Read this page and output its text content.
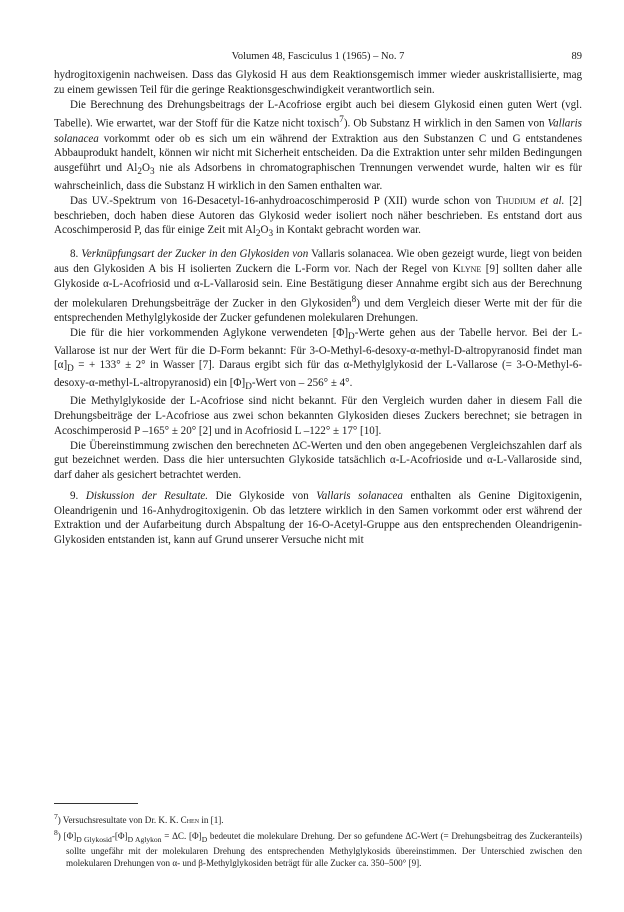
Volumen 48, Fasciculus 1 (1965) – No. 7	89

hydrogitoxigenin nachweisen. Dass das Glykosid H aus dem Reaktionsgemisch immer wieder auskristallisierte, mag zu einem gewissen Teil für die geringe Reaktionsgeschwindigkeit verantwortlich sein.

Die Berechnung des Drehungsbeitrags der L-Acofriose ergibt auch bei diesem Glykosid einen guten Wert (vgl. Tabelle). Wie erwartet, war der Stoff für die Katze nicht toxisch$^7$). Ob Substanz H wirklich in den Samen von Vallaris solanacea vorkommt oder ob es sich um ein während der Extraktion aus den Substanzen C und G entstandenes Abbauprodukt handelt, können wir nicht mit Sicherheit entscheiden. Da die Extraktion unter sehr milden Bedingungen ausgeführt und $Al_2O_3$ nie als Adsorbens in chromatographischen Trennungen verwendet wurde, halten wir es für wahrscheinlich, dass die Substanz H wirklich in den Samen enthalten war.

Das UV.-Spektrum von 16-Desacetyl-16-anhydroacoschimperosid P (XII) wurde schon von Thudium et al. [2] beschrieben, doch haben diese Autoren das Glykosid weder isoliert noch näher beschrieben. Es entstand dort aus Acoschimperosid P, das für einige Zeit mit $Al_2O_3$ in Kontakt gebracht worden war.

8. Verknüpfungsart der Zucker in den Glykosiden von Vallaris solanacea. Wie oben gezeigt wurde, liegt von beiden aus den Glykosiden A bis H isolierten Zuckern die L-Form vor. Nach der Regel von Klyne [9] sollten daher alle Glykoside α-L-Acofriosid und α-L-Vallarosid sein. Eine Bestätigung dieser Annahme ergibt sich aus der Berechnung der molekularen Drehungsbeiträge der Zucker in den Glykosiden$^8$) und dem Vergleich dieser Werte mit der für die entsprechenden Methylglykoside der Zucker gefundenen molekularen Drehungen.

Die für die hier vorkommenden Aglykone verwendeten $[\Phi]_D$-Werte gehen aus der Tabelle hervor. Bei der L-Vallarose ist nur der Wert für die D-Form bekannt: Für 3-O-Methyl-6-desoxy-α-methyl-D-altropyranosid findet man $[\alpha]_D$ = + 133° ± 2° in Wasser [7]. Daraus ergibt sich für das α-Methylglykosid der L-Vallarose (= 3-O-Methyl-6-desoxy-α-methyl-L-altropyranosid) ein $[\Phi]_D$-Wert von – 256° ± 4°.

Die Methylglykoside der L-Acofriose sind nicht bekannt. Für den Vergleich wurden daher in diesem Fall die Drehungsbeiträge der L-Acofriose aus zwei schon bekannten Glykosiden dieses Zuckers berechnet; sie betragen in Acoschimperosid P –165° ± 20° [2] und in Acofriosid L –122° ± 17° [10].

Die Übereinstimmung zwischen den berechneten ΔC-Werten und den oben angegebenen Vergleichszahlen darf als gut bezeichnet werden. Dass die hier untersuchten Glykoside tatsächlich α-L-Acofrioside und α-L-Vallaroside sind, darf daher als gesichert betrachtet werden.

9. Diskussion der Resultate. Die Glykoside von Vallaris solanacea enthalten als Genine Digitoxigenin, Oleandrigenin und 16-Anhydrogitoxigenin. Ob das letztere wirklich in den Samen vorkommt oder erst während der Extraktion und der Aufarbeitung durch Abspaltung der 16-O-Acetyl-Gruppe aus den entsprechenden Oleandrigenin-Glykosiden entstanden ist, kann auf Grund unserer Versuche nicht mit

$^7$) Versuchsresultate von Dr. K. K. Chen in [1].

$^8$) $[\Phi]_{D Glykosid}-[\Phi]_{D Aglykon} = \Delta C$. $[\Phi]_D$ bedeutet die molekulare Drehung. Der so gefundene ΔC-Wert (= Drehungsbeitrag des Zuckeranteils) sollte ungefähr mit der molekularen Drehung des entsprechenden Methylglykosids übereinstimmen. Der Unterschied zwischen den molekularen Drehungen von α- und β-Methylglykosiden beträgt für alle Zucker ca. 350–500° [9].
